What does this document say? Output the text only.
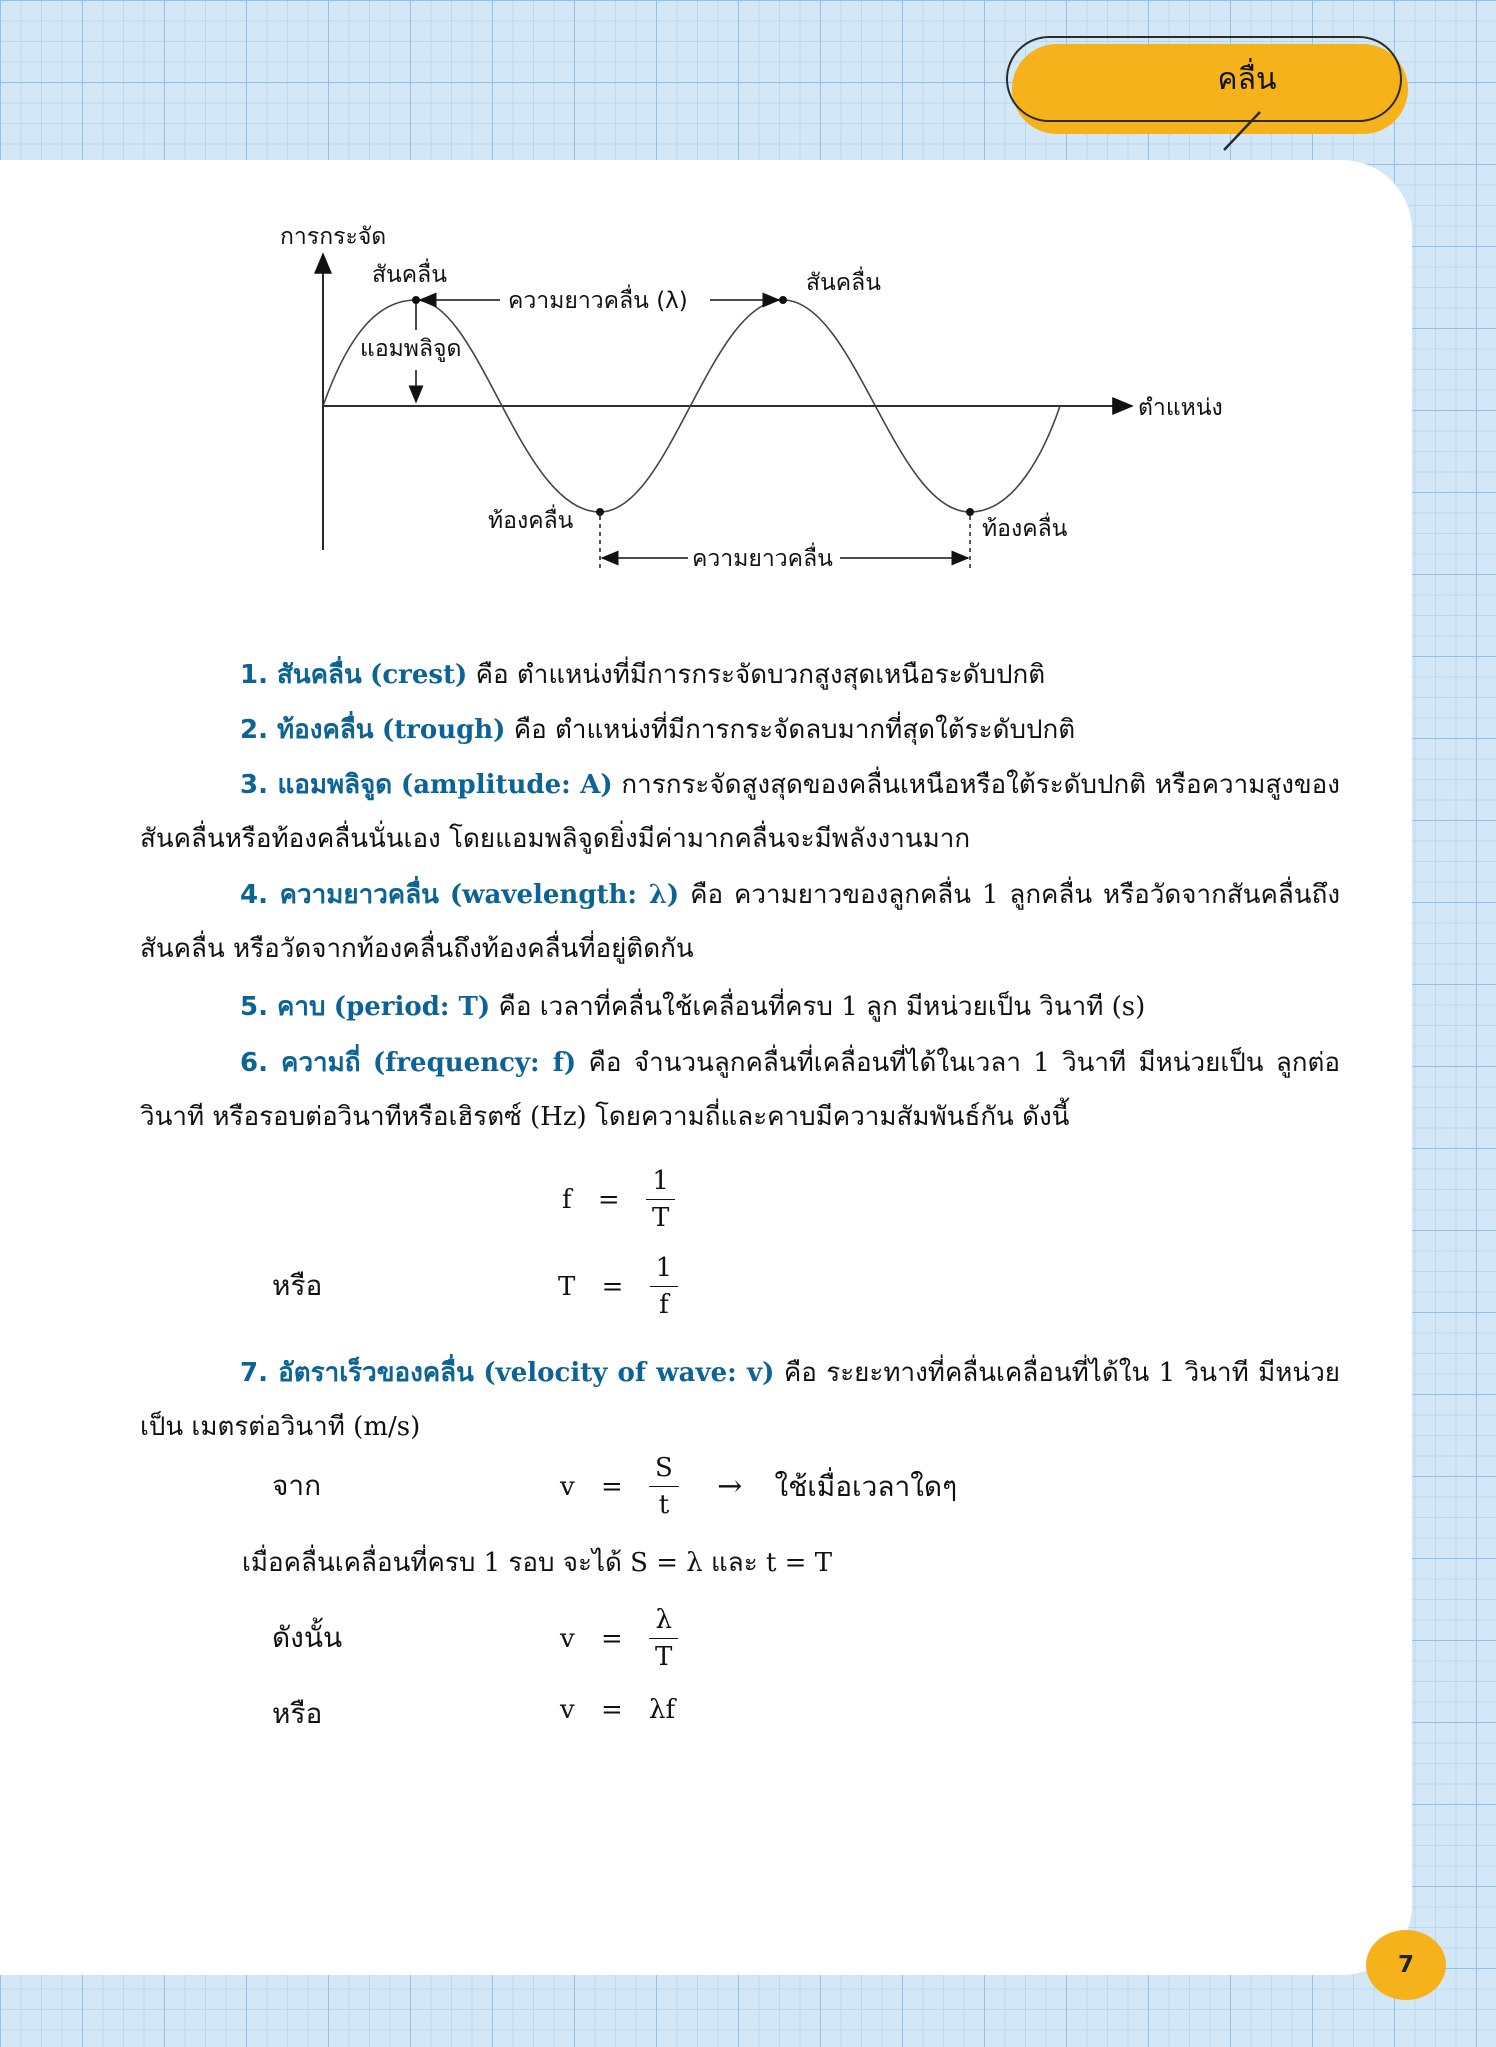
คลื่น
การกระจัด
ตำแหน่ง
สันคลื่น	สันคลื่น
ความยาวคลื่น (λ)
แอมพลิจูด
ท้องคลื่น	ท้องคลื่น
ความยาวคลื่น
1. สันคลื่น (crest) คือ ตำแหน่งที่มีการกระจัดบวกสูงสุดเหนือระดับปกติ
2. ท้องคลื่น (trough) คือ ตำแหน่งที่มีการกระจัดลบมากที่สุดใต้ระดับปกติ
3. แอมพลิจูด (amplitude: A) การกระจัดสูงสุดของคลื่นเหนือหรือใต้ระดับปกติ หรือความสูงของสันคลื่นหรือท้องคลื่นนั่นเอง โดยแอมพลิจูดยิ่งมีค่ามากคลื่นจะมีพลังงานมาก
4. ความยาวคลื่น (wavelength: λ) คือ ความยาวของลูกคลื่น 1 ลูกคลื่น หรือวัดจากสันคลื่นถึงสันคลื่น หรือวัดจากท้องคลื่นถึงท้องคลื่นที่อยู่ติดกัน
5. คาบ (period: T) คือ เวลาที่คลื่นใช้เคลื่อนที่ครบ 1 ลูก มีหน่วยเป็น วินาที (s)
6. ความถี่ (frequency: f) คือ จำนวนลูกคลื่นที่เคลื่อนที่ได้ในเวลา 1 วินาที มีหน่วยเป็น ลูกต่อวินาที หรือรอบต่อวินาทีหรือเฮิรตซ์ (Hz) โดยความถี่และคาบมีความสัมพันธ์กัน ดังนี้
$f = \frac{1}{T}$
หรือ	$T = \frac{1}{f}$
7. อัตราเร็วของคลื่น (velocity of wave: v) คือ ระยะทางที่คลื่นเคลื่อนที่ได้ใน 1 วินาที มีหน่วยเป็น เมตรต่อวินาที (m/s)
จาก	$v = \frac{S}{t}$ → ใช้เมื่อเวลาใดๆ
เมื่อคลื่นเคลื่อนที่ครบ 1 รอบ จะได้ S = λ และ t = T
ดังนั้น	$v = \frac{\lambda}{T}$
หรือ	v = λf
7
